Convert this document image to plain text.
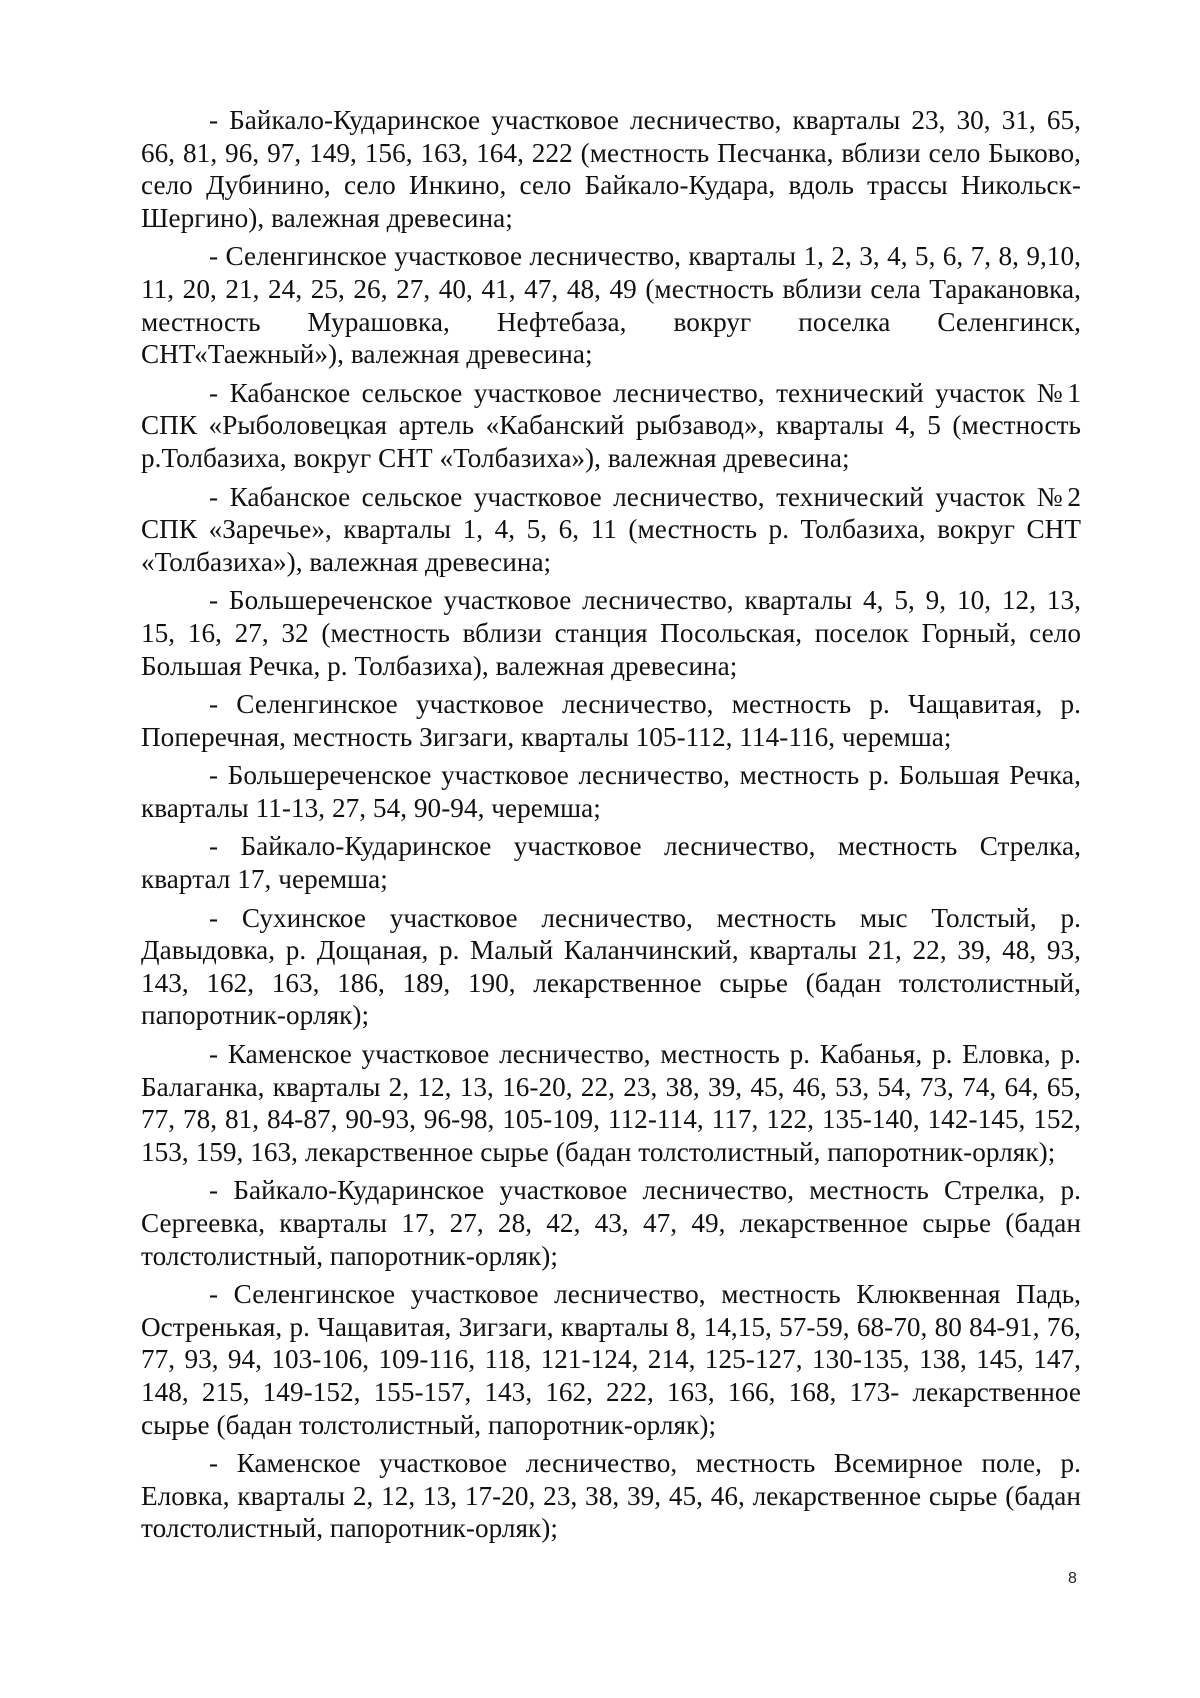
- Байкало-Кударинское участковое лесничество, кварталы 23, 30, 31, 65, 66, 81, 96, 97, 149, 156, 163, 164, 222 (местность Песчанка, вблизи село Быково, село Дубинино, село Инкино, село Байкало-Кудара, вдоль трассы Никольск-Шергино), валежная древесина;

- Селенгинское участковое лесничество, кварталы 1, 2, 3, 4, 5, 6, 7, 8, 9,10, 11, 20, 21, 24, 25, 26, 27, 40, 41, 47, 48, 49 (местность вблизи села Таракановка, местность Мурашовка, Нефтебаза, вокруг поселка Селенгинск, СНТ«Таежный»), валежная древесина;

- Кабанское сельское участковое лесничество, технический участок №1 СПК «Рыболовецкая артель «Кабанский рыбзавод», кварталы 4, 5 (местность р.Толбазиха, вокруг СНТ «Толбазиха»), валежная древесина;

- Кабанское сельское участковое лесничество, технический участок №2 СПК «Заречье», кварталы 1, 4, 5, 6, 11 (местность р. Толбазиха, вокруг СНТ «Толбазиха»), валежная древесина;

- Большереченское участковое лесничество, кварталы 4, 5, 9, 10, 12, 13, 15, 16, 27, 32 (местность вблизи станция Посольская, поселок Горный, село Большая Речка, р. Толбазиха), валежная древесина;

- Селенгинское участковое лесничество, местность р. Чащавитая, р. Поперечная, местность Зигзаги, кварталы 105-112, 114-116, черемша;

- Большереченское участковое лесничество, местность р. Большая Речка, кварталы 11-13, 27, 54, 90-94, черемша;

- Байкало-Кударинское участковое лесничество, местность Стрелка, квартал 17, черемша;

- Сухинское участковое лесничество, местность мыс Толстый, р. Давыдовка, р. Дощаная, р. Малый Каланчинский, кварталы 21, 22, 39, 48, 93, 143, 162, 163, 186, 189, 190, лекарственное сырье (бадан толстолистный, папоротник-орляк);

- Каменское участковое лесничество, местность р. Кабанья, р. Еловка, р. Балаганка, кварталы 2, 12, 13, 16-20, 22, 23, 38, 39, 45, 46, 53, 54, 73, 74, 64, 65, 77, 78, 81, 84-87, 90-93, 96-98, 105-109, 112-114, 117, 122, 135-140, 142-145, 152, 153, 159, 163, лекарственное сырье (бадан толстолистный, папоротник-орляк);

- Байкало-Кударинское участковое лесничество, местность Стрелка, р. Сергеевка, кварталы 17, 27, 28, 42, 43, 47, 49, лекарственное сырье (бадан толстолистный, папоротник-орляк);

- Селенгинское участковое лесничество, местность Клюквенная Падь, Остренькая, р. Чащавитая, Зигзаги, кварталы 8, 14,15, 57-59, 68-70, 80 84-91, 76, 77, 93, 94, 103-106, 109-116, 118, 121-124, 214, 125-127, 130-135, 138, 145, 147, 148, 215, 149-152, 155-157, 143, 162, 222, 163, 166, 168, 173- лекарственное сырье (бадан толстолистный, папоротник-орляк);

- Каменское участковое лесничество, местность Всемирное поле, р. Еловка, кварталы 2, 12, 13, 17-20, 23, 38, 39, 45, 46, лекарственное сырье (бадан толстолистный, папоротник-орляк);

8
